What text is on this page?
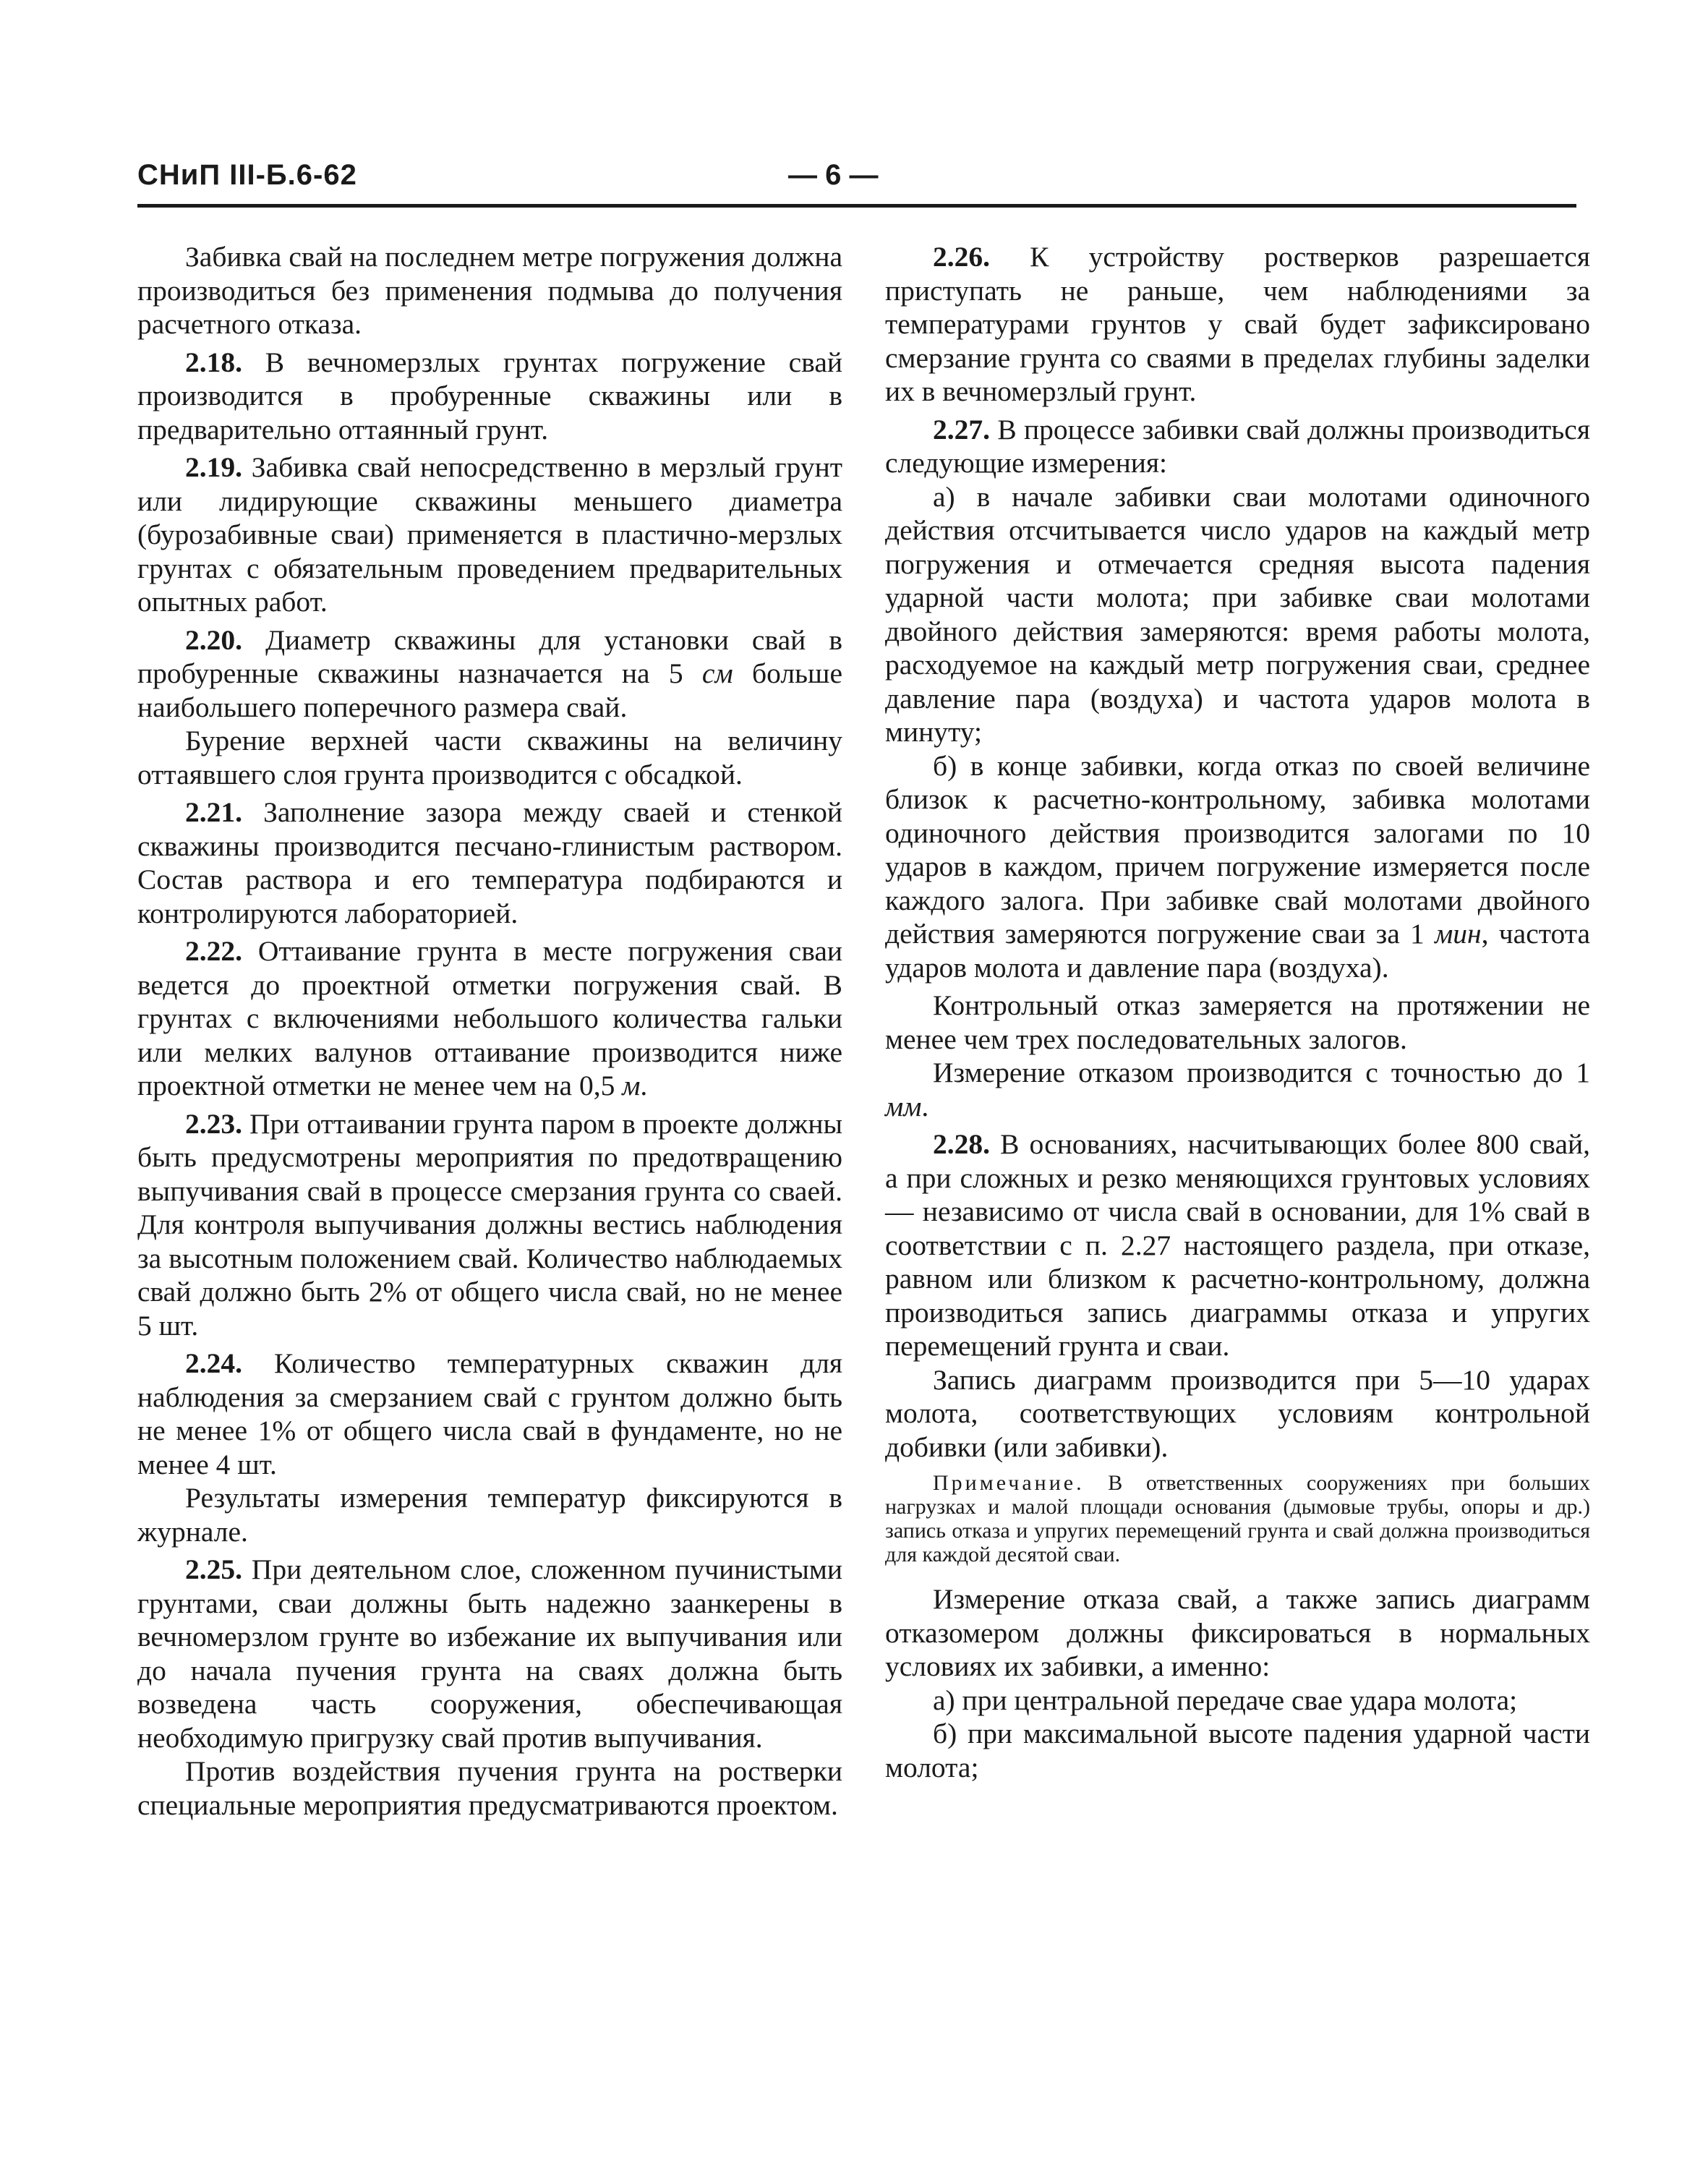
СНиП III-Б.6-62	— 6 —

Забивка свай на последнем метре погружения должна производиться без применения подмыва до получения расчетного отказа.

2.18. В вечномерзлых грунтах погружение свай производится в пробуренные скважины или в предварительно оттаянный грунт.

2.19. Забивка свай непосредственно в мерзлый грунт или лидирующие скважины меньшего диаметра (бурозабивные сваи) применяется в пластично-мерзлых грунтах с обязательным проведением предварительных опытных работ.

2.20. Диаметр скважины для установки свай в пробуренные скважины назначается на 5 см больше наибольшего поперечного размера свай.

Бурение верхней части скважины на величину оттаявшего слоя грунта производится с обсадкой.

2.21. Заполнение зазора между сваей и стенкой скважины производится песчано-глинистым раствором. Состав раствора и его температура подбираются и контролируются лабораторией.

2.22. Оттаивание грунта в месте погружения сваи ведется до проектной отметки погружения свай. В грунтах с включениями небольшого количества гальки или мелких валунов оттаивание производится ниже проектной отметки не менее чем на 0,5 м.

2.23. При оттаивании грунта паром в проекте должны быть предусмотрены мероприятия по предотвращению выпучивания свай в процессе смерзания грунта со сваей. Для контроля выпучивания должны вестись наблюдения за высотным положением свай. Количество наблюдаемых свай должно быть 2% от общего числа свай, но не менее 5 шт.

2.24. Количество температурных скважин для наблюдения за смерзанием свай с грунтом должно быть не менее 1% от общего числа свай в фундаменте, но не менее 4 шт.

Результаты измерения температур фиксируются в журнале.

2.25. При деятельном слое, сложенном пучинистыми грунтами, сваи должны быть надежно заанкерены в вечномерзлом грунте во избежание их выпучивания или до начала пучения грунта на сваях должна быть возведена часть сооружения, обеспечивающая необходимую пригрузку свай против выпучивания.

Против воздействия пучения грунта на ростверки специальные мероприятия предусматриваются проектом.

2.26. К устройству ростверков разрешается приступать не раньше, чем наблюдениями за температурами грунтов у свай будет зафиксировано смерзание грунта со сваями в пределах глубины заделки их в вечномерзлый грунт.

2.27. В процессе забивки свай должны производиться следующие измерения:

а) в начале забивки сваи молотами одиночного действия отсчитывается число ударов на каждый метр погружения и отмечается средняя высота падения ударной части молота; при забивке сваи молотами двойного действия замеряются: время работы молота, расходуемое на каждый метр погружения сваи, среднее давление пара (воздуха) и частота ударов молота в минуту;

б) в конце забивки, когда отказ по своей величине близок к расчетно-контрольному, забивка молотами одиночного действия производится залогами по 10 ударов в каждом, причем погружение измеряется после каждого залога. При забивке свай молотами двойного действия замеряются погружение сваи за 1 мин, частота ударов молота и давление пара (воздуха).

Контрольный отказ замеряется на протяжении не менее чем трех последовательных залогов.

Измерение отказом производится с точностью до 1 мм.

2.28. В основаниях, насчитывающих более 800 свай, а при сложных и резко меняющихся грунтовых условиях — независимо от числа свай в основании, для 1% свай в соответствии с п. 2.27 настоящего раздела, при отказе, равном или близком к расчетно-контрольному, должна производиться запись диаграммы отказа и упругих перемещений грунта и сваи.

Запись диаграмм производится при 5—10 ударах молота, соответствующих условиям контрольной добивки (или забивки).

Примечание. В ответственных сооружениях при больших нагрузках и малой площади основания (дымовые трубы, опоры и др.) запись отказа и упругих перемещений грунта и свай должна производиться для каждой десятой сваи.

Измерение отказа свай, а также запись диаграмм отказомером должны фиксироваться в нормальных условиях их забивки, а именно:

а) при центральной передаче сваe удара молота;

б) при максимальной высоте падения ударной части молота;
